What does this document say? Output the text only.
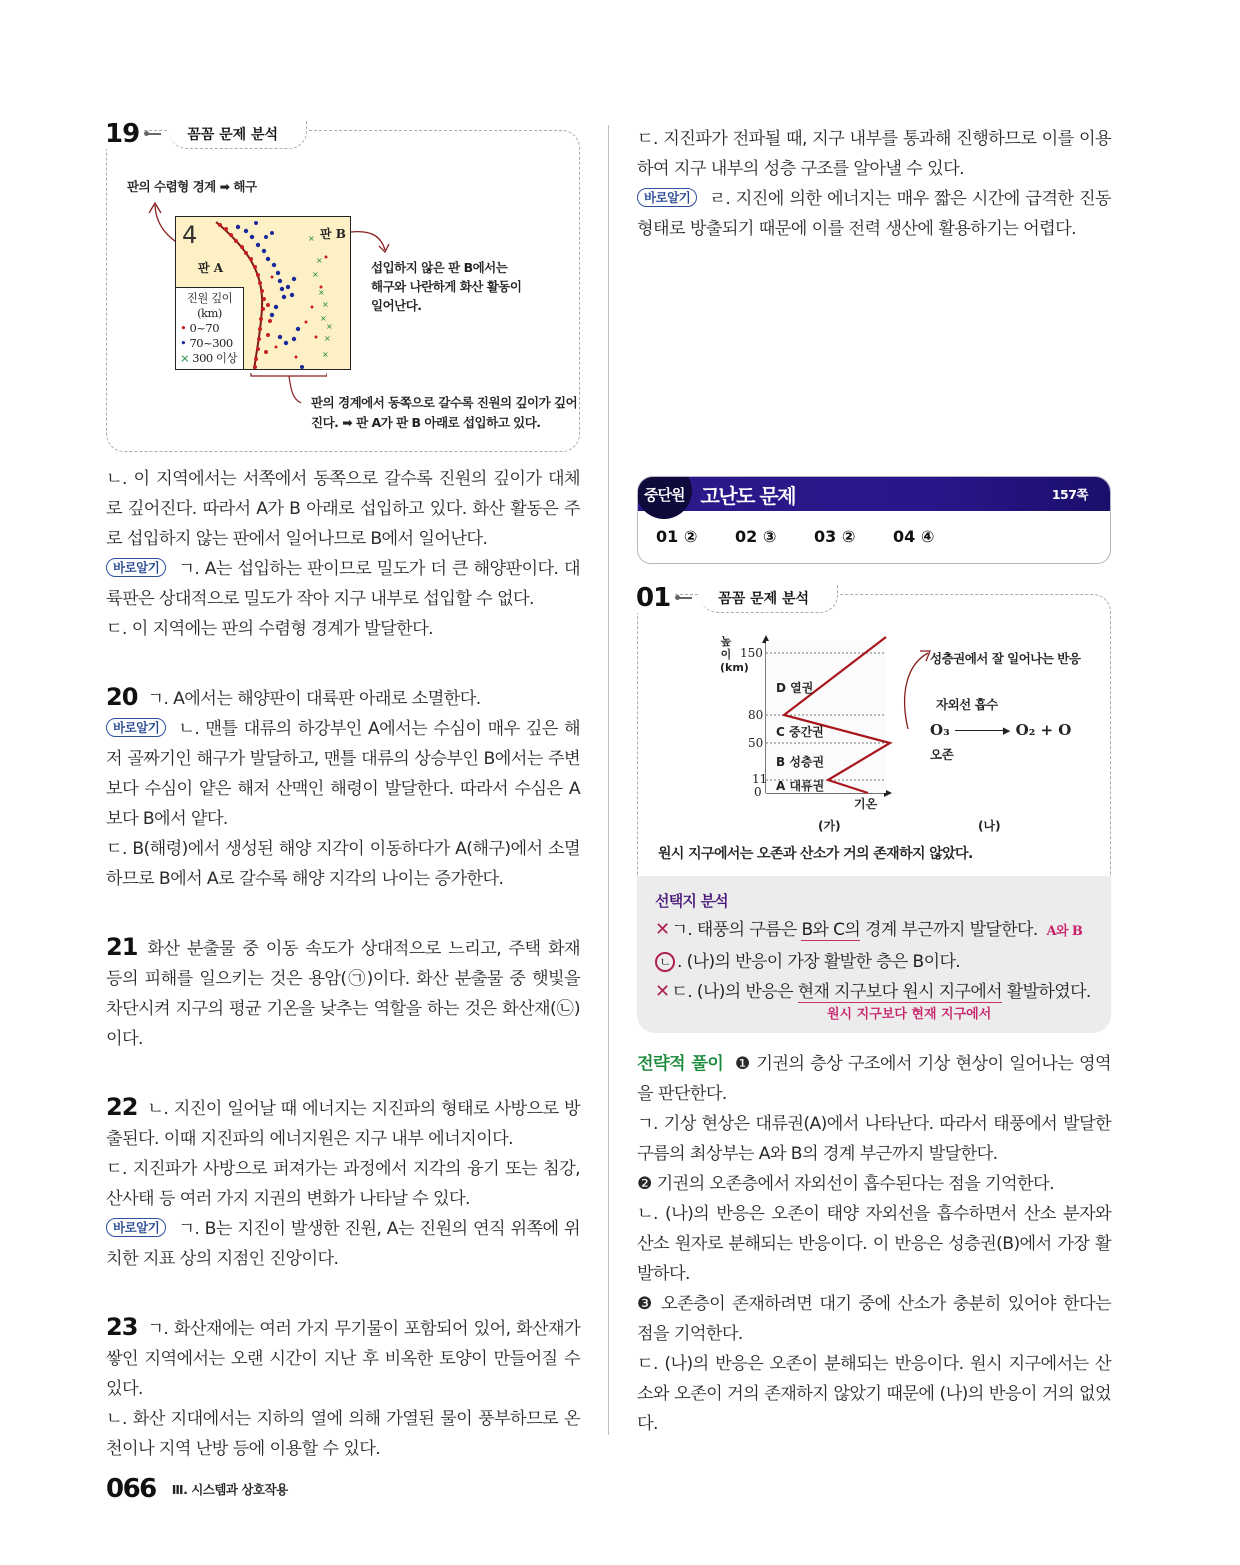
19	꼼꼼 문제 분석
판의 수렴형 경계 ➡ 해구
×
×
×
×
×
×
×
×
×
4
판 A
판 B
진원 깊이
(km)
• 0~70
• 70~300
× 300 이상
섭입하지 않은 판 B에서는
해구와 나란하게 화산 활동이
일어난다.
판의 경계에서 동쪽으로 갈수록 진원의 깊이가 깊어
진다. ➡ 판 A가 판 B 아래로 섭입하고 있다.

ㄴ. 이 지역에서는 서쪽에서 동쪽으로 갈수록 진원의 깊이가 대체로 깊어진다. 따라서 A가 B 아래로 섭입하고 있다. 화산 활동은 주로 섭입하지 않는 판에서 일어나므로 B에서 일어난다.

바로알기 ㄱ. A는 섭입하는 판이므로 밀도가 더 큰 해양판이다. 대륙판은 상대적으로 밀도가 작아 지구 내부로 섭입할 수 없다.

ㄷ. 이 지역에는 판의 수렴형 경계가 발달한다.

20 ㄱ. A에서는 해양판이 대륙판 아래로 소멸한다.

바로알기 ㄴ. 맨틀 대류의 하강부인 A에서는 수심이 매우 깊은 해저 골짜기인 해구가 발달하고, 맨틀 대류의 상승부인 B에서는 주변보다 수심이 얕은 해저 산맥인 해령이 발달한다. 따라서 수심은 A보다 B에서 얕다.

ㄷ. B(해령)에서 생성된 해양 지각이 이동하다가 A(해구)에서 소멸하므로 B에서 A로 갈수록 해양 지각의 나이는 증가한다.

21 화산 분출물 중 이동 속도가 상대적으로 느리고, 주택 화재 등의 피해를 일으키는 것은 용암(㉠)이다. 화산 분출물 중 햇빛을 차단시켜 지구의 평균 기온을 낮추는 역할을 하는 것은 화산재(㉡)이다.

22 ㄴ. 지진이 일어날 때 에너지는 지진파의 형태로 사방으로 방출된다. 이때 지진파의 에너지원은 지구 내부 에너지이다.

ㄷ. 지진파가 사방으로 퍼져가는 과정에서 지각의 융기 또는 침강, 산사태 등 여러 가지 지권의 변화가 나타날 수 있다.

바로알기 ㄱ. B는 지진이 발생한 진원, A는 진원의 연직 위쪽에 위치한 지표 상의 지점인 진앙이다.

23 ㄱ. 화산재에는 여러 가지 무기물이 포함되어 있어, 화산재가 쌓인 지역에서는 오랜 시간이 지난 후 비옥한 토양이 만들어질 수 있다.

ㄴ. 화산 지대에서는 지하의 열에 의해 가열된 물이 풍부하므로 온천이나 지역 난방 등에 이용할 수 있다.

ㄷ. 지진파가 전파될 때, 지구 내부를 통과해 진행하므로 이를 이용하여 지구 내부의 성층 구조를 알아낼 수 있다.

바로알기 ㄹ. 지진에 의한 에너지는 매우 짧은 시간에 급격한 진동 형태로 방출되기 때문에 이를 전력 생산에 활용하기는 어렵다.

중단원 고난도 문제	157쪽
01 ②	02 ③	03 ②	04 ④
01	꼼꼼 문제 분석
150
80
50
11
0
높이(km)
D 열권
C 중간권
B 성층권
A 대류권
기온
(가)
성층권에서 잘 일어나는 반응
자외선 흡수
O₃	▸ O₂ + O
오존
(나)
원시 지구에서는 오존과 산소가 거의 존재하지 않았다.
선택지 분석
✕ ㄱ. 태풍의 구름은 B와 C의 경계 부근까지 발달한다. A와 B
ㄴ . (나)의 반응이 가장 활발한 층은 B이다.
✕ ㄷ. (나)의 반응은 현재 지구보다 원시 지구에서 활발하였다.
원시 지구보다 현재 지구에서

전략적 풀이 ❶ 기권의 층상 구조에서 기상 현상이 일어나는 영역을 판단한다.

ㄱ. 기상 현상은 대류권(A)에서 나타난다. 따라서 태풍에서 발달한 구름의 최상부는 A와 B의 경계 부근까지 발달한다.

❷ 기권의 오존층에서 자외선이 흡수된다는 점을 기억한다.

ㄴ. (나)의 반응은 오존이 태양 자외선을 흡수하면서 산소 분자와 산소 원자로 분해되는 반응이다. 이 반응은 성층권(B)에서 가장 활발하다.

❸ 오존층이 존재하려면 대기 중에 산소가 충분히 있어야 한다는 점을 기억한다.

ㄷ. (나)의 반응은 오존이 분해되는 반응이다. 원시 지구에서는 산소와 오존이 거의 존재하지 않았기 때문에 (나)의 반응이 거의 없었다.

066 Ⅲ. 시스템과 상호작용
